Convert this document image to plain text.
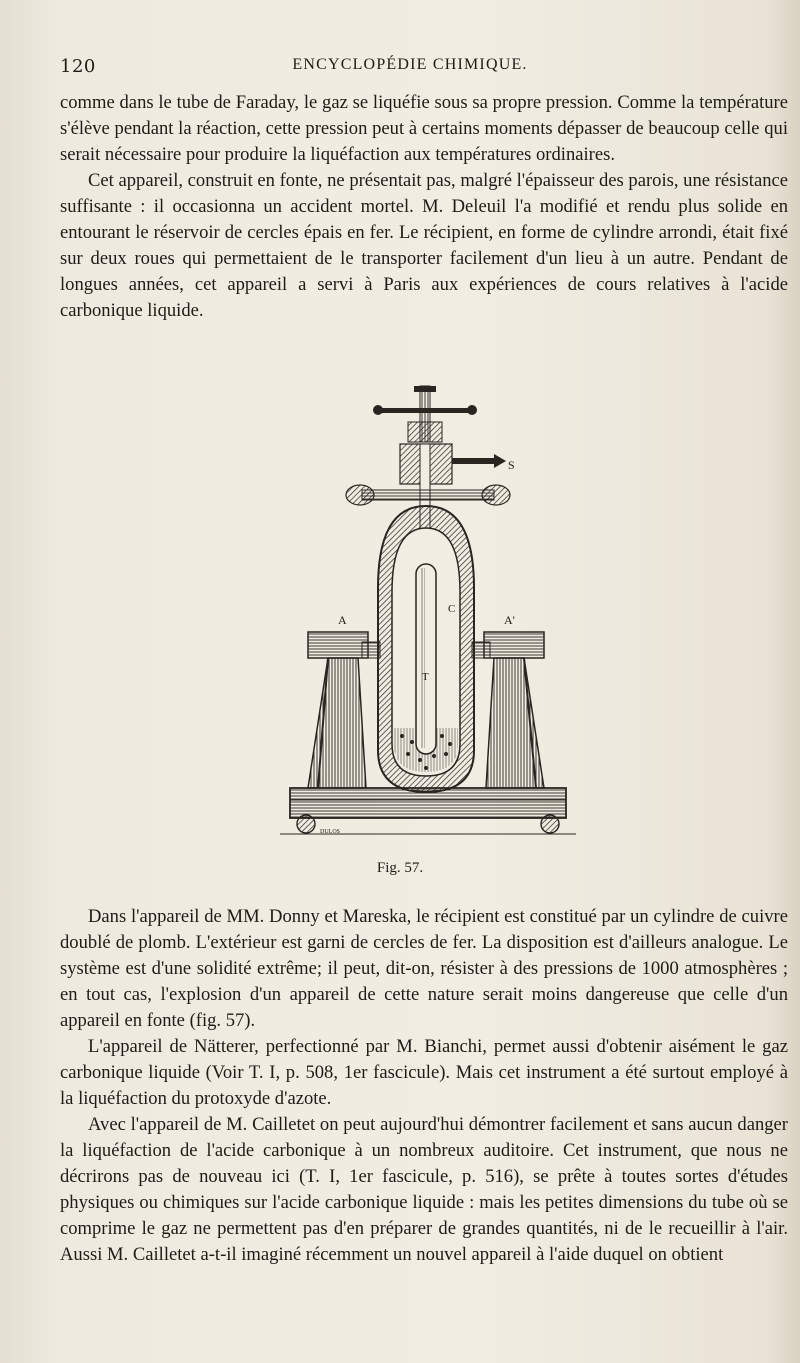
120	ENCYCLOPÉDIE CHIMIQUE.

comme dans le tube de Faraday, le gaz se liquéfie sous sa propre pression. Comme la température s'élève pendant la réaction, cette pression peut à certains moments dépasser de beaucoup celle qui serait nécessaire pour produire la liquéfaction aux températures ordinaires.

Cet appareil, construit en fonte, ne présentait pas, malgré l'épaisseur des parois, une résistance suffisante : il occasionna un accident mortel. M. Deleuil l'a modifié et rendu plus solide en entourant le réservoir de cercles épais en fer. Le récipient, en forme de cylindre arrondi, était fixé sur deux roues qui permettaient de le transporter facilement d'un lieu à un autre. Pendant de longues années, cet appareil a servi à Paris aux expériences de cours relatives à l'acide carbonique liquide.

S
C
T
A	A'
DULOS
Fig. 57.

Dans l'appareil de MM. Donny et Mareska, le récipient est constitué par un cylindre de cuivre doublé de plomb. L'extérieur est garni de cercles de fer. La disposition est d'ailleurs analogue. Le système est d'une solidité extrême; il peut, dit-on, résister à des pressions de 1000 atmosphères ; en tout cas, l'explosion d'un appareil de cette nature serait moins dangereuse que celle d'un appareil en fonte (fig. 57).

L'appareil de Nätterer, perfectionné par M. Bianchi, permet aussi d'obtenir aisément le gaz carbonique liquide (Voir T. I, p. 508, 1er fascicule). Mais cet instrument a été surtout employé à la liquéfaction du protoxyde d'azote.

Avec l'appareil de M. Cailletet on peut aujourd'hui démontrer facilement et sans aucun danger la liquéfaction de l'acide carbonique à un nombreux auditoire. Cet instrument, que nous ne décrirons pas de nouveau ici (T. I, 1er fascicule, p. 516), se prête à toutes sortes d'études physiques ou chimiques sur l'acide carbonique liquide : mais les petites dimensions du tube où se comprime le gaz ne permettent pas d'en préparer de grandes quantités, ni de le recueillir à l'air. Aussi M. Cailletet a-t-il imaginé récemment un nouvel appareil à l'aide duquel on obtient
